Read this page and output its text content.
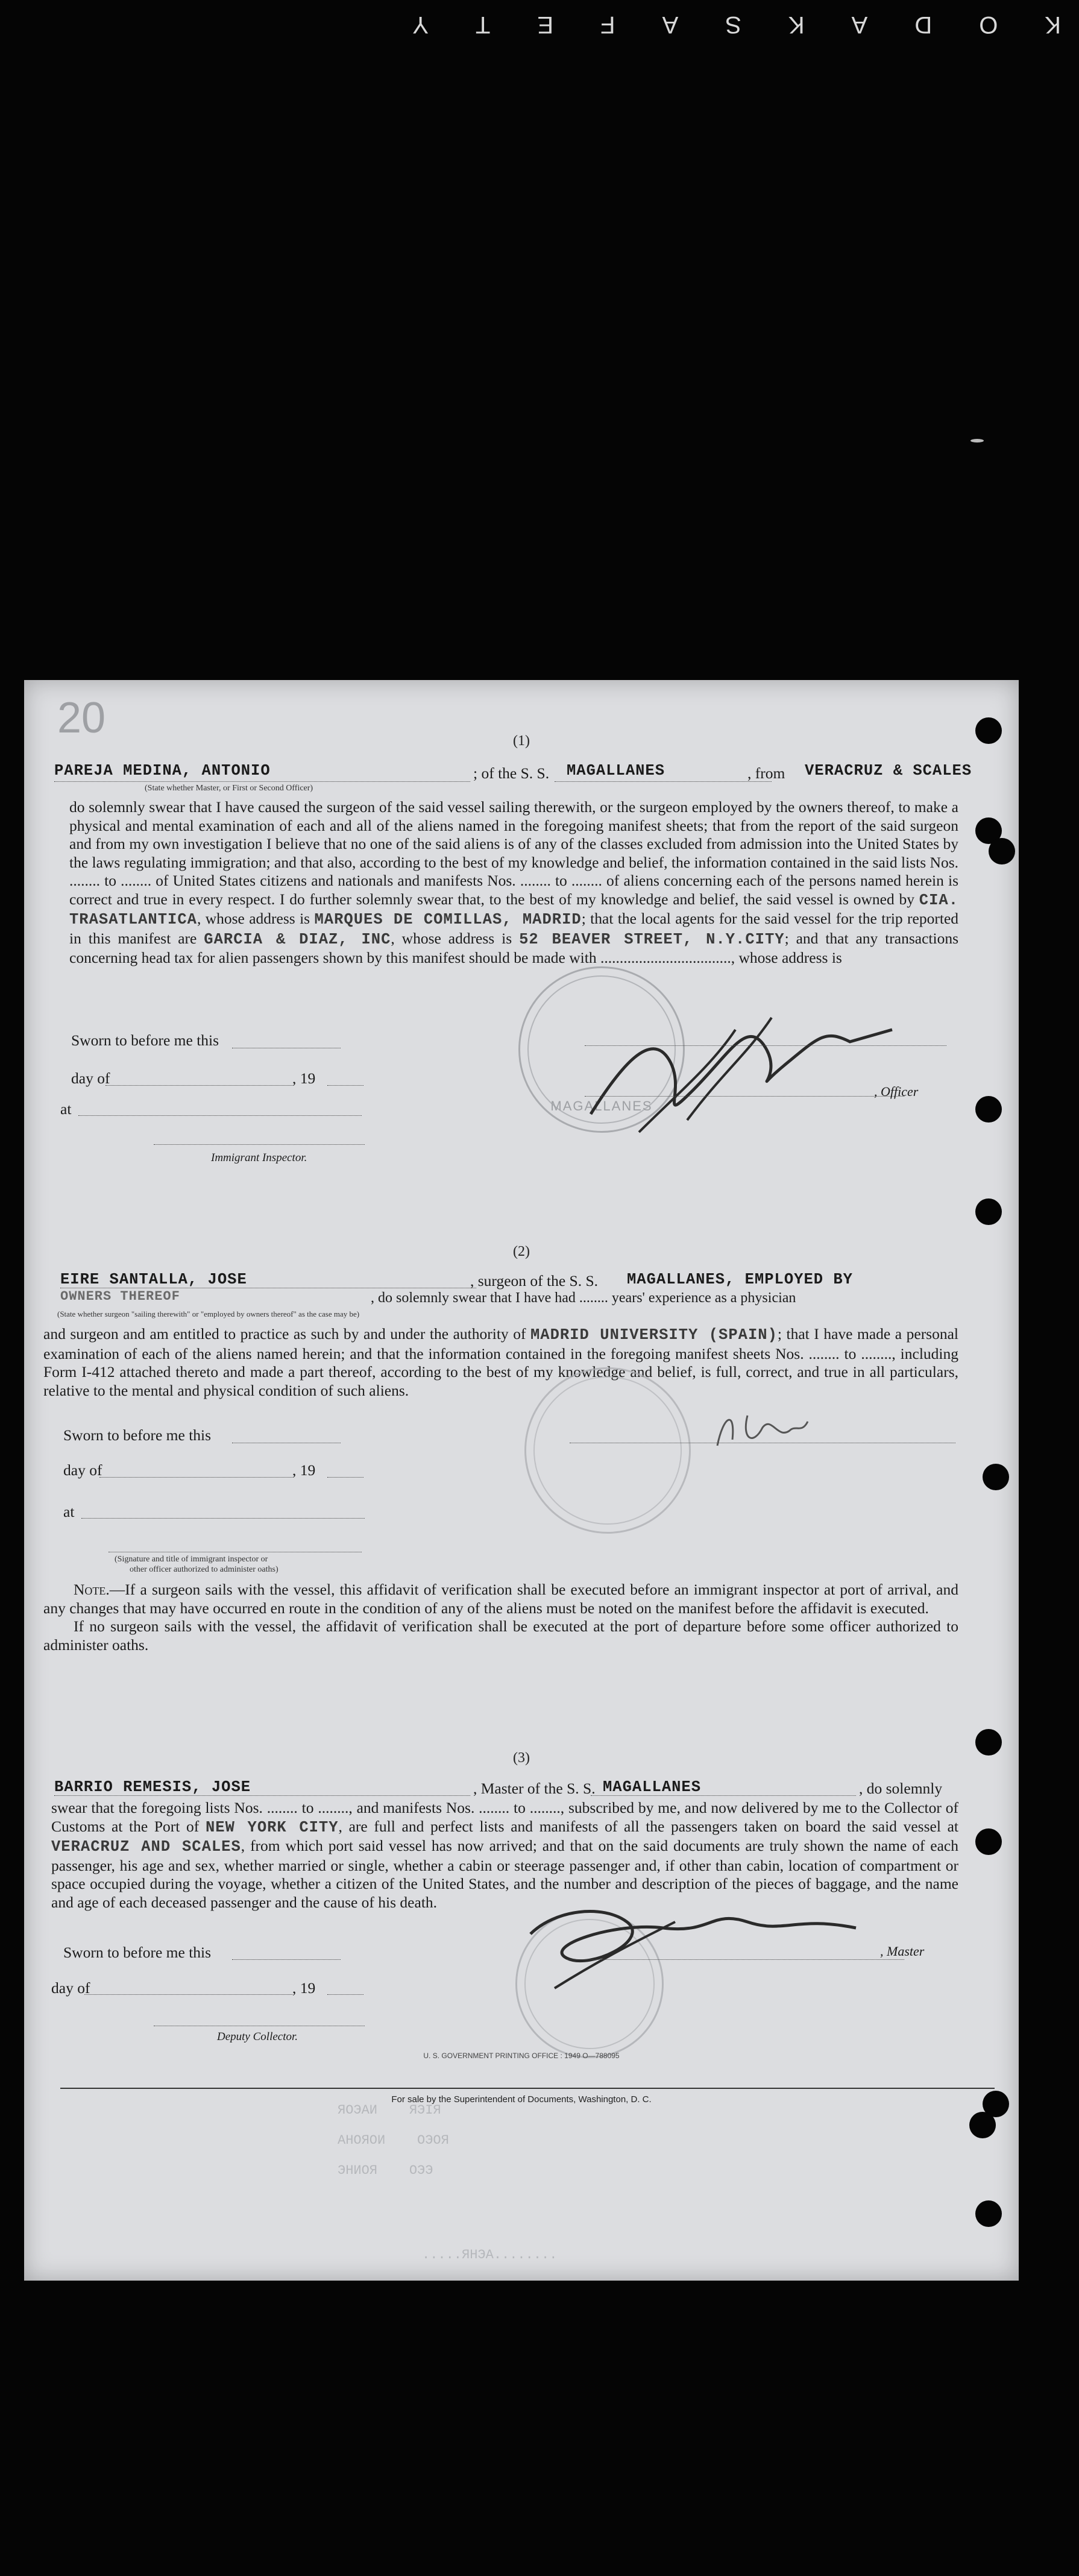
KODAKSAFETY
20	(1)
PAREJA MEDINA, ANTONIO	; of the S. S. MAGALLANES	, from VERACRUZ & SCALES
(State whether Master, or First or Second Officer)
do solemnly swear that I have caused the surgeon of the said vessel sailing therewith, or the surgeon employed by the owners thereof, to make a physical and mental examination of each and all of the aliens named in the foregoing manifest sheets; that from the report of the said surgeon and from my own investigation I believe that no one of the said aliens is of any of the classes excluded from admission into the United States by the laws regulating immigration; and that also, according to the best of my knowledge and belief, the information contained in the said lists Nos. ........ to ........ of United States citizens and nationals and manifests Nos. ........ to ........ of aliens concerning each of the persons named herein is correct and true in every respect. I do further solemnly swear that, to the best of my knowledge and belief, the said vessel is owned by CIA. TRASATLANTICA, whose address is MARQUES DE COMILLAS, MADRID; that the local agents for the said vessel for the trip reported in this manifest are GARCIA & DIAZ, INC, whose address is 52 BEAVER STREET, N.Y.CITY; and that any transactions concerning head tax for alien passengers shown by this manifest should be made with .................................., whose address is
MAGALLANES
Sworn to before me this
day of	, 19
at
Immigrant Inspector.
, Officer
(2)
EIRE SANTALLA, JOSE	, surgeon of the S. S. MAGALLANES, EMPLOYED BY
OWNERS THEREOF	, do solemnly swear that I have had ........ years' experience as a physician
(State whether surgeon "sailing therewith" or "employed by owners thereof" as the case may be)
and surgeon and am entitled to practice as such by and under the authority of MADRID UNIVERSITY (SPAIN); that I have made a personal examination of each of the aliens named herein; and that the information contained in the foregoing manifest sheets Nos. ........ to ........, including Form I-412 attached thereto and made a part thereof, according to the best of my knowledge and belief, is full, correct, and true in all particulars, relative to the mental and physical condition of such aliens.
Sworn to before me this
day of	, 19
at
(Signature and title of immigrant inspector or
other officer authorized to administer oaths)
Note.—If a surgeon sails with the vessel, this affidavit of verification shall be executed before an immigrant inspector at port of arrival, and any changes that may have occurred en route in the condition of any of the aliens must be noted on the manifest before the affidavit is executed.
If no surgeon sails with the vessel, the affidavit of verification shall be executed at the port of departure before some officer authorized to administer oaths.
(3)
BARRIO REMESIS, JOSE	, Master of the S. S. MAGALLANES	, do solemnly
swear that the foregoing lists Nos. ........ to ........, and manifests Nos. ........ to ........, subscribed by me, and now delivered by me to the Collector of Customs at the Port of NEW YORK CITY, are full and perfect lists and manifests of all the passengers taken on board the said vessel at VERACRUZ AND SCALES, from which port said vessel has now arrived; and that on the said documents are truly shown the name of each passenger, his age and sex, whether married or single, whether a cabin or steerage passenger and, if other than cabin, location of compartment or space occupied during the voyage, whether a citizen of the United States, and the number and description of the pieces of baggage, and the name and age of each deceased passenger and the cause of his death.
Sworn to before me this	, Master
day of	, 19
Deputy Collector.
U. S. GOVERNMENT PRINTING OFFICE : 1949 O—788095
For sale by the Superintendent of Documents, Washington, D. C.
ЯОЭАИ    ЯЭIЯ
АНОЯОИ    OЭOЯ
ЭНИОЯ    ОЭЭ
.....ЯНЭА........
